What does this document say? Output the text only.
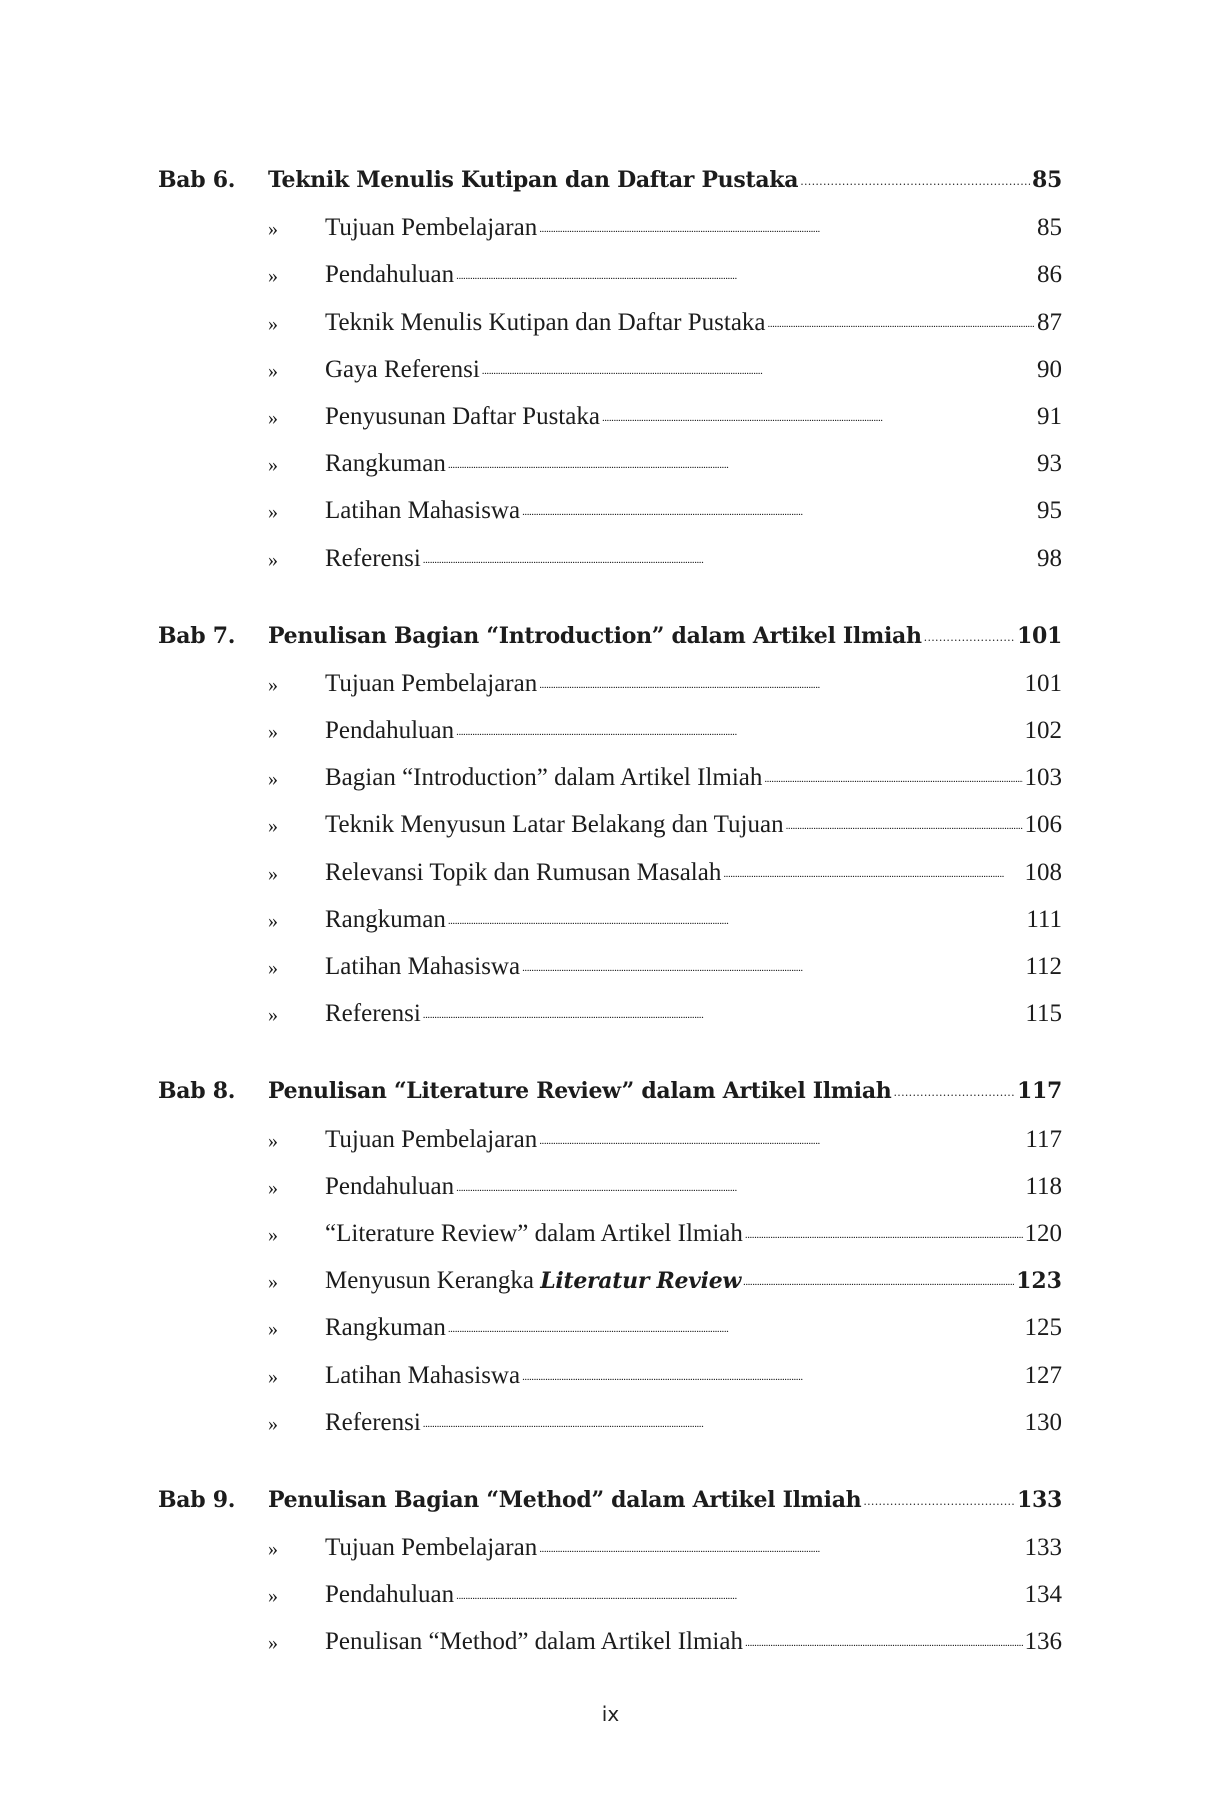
Bab 6.	Teknik Menulis Kutipan dan Daftar Pustaka . . .	85
»	Tujuan Pembelajaran . . .	85
»	Pendahuluan . . .	86
»	Teknik Menulis Kutipan dan Daftar Pustaka . . .	87
»	Gaya Referensi . . .	90
»	Penyusunan Daftar Pustaka . . .	91
»	Rangkuman . . .	93
»	Latihan Mahasiswa . . .	95
»	Referensi . . .	98
Bab 7.	Penulisan Bagian “Introduction” dalam Artikel Ilmiah . . .	101
»	Tujuan Pembelajaran . . .	101
»	Pendahuluan . . .	102
»	Bagian “Introduction” dalam Artikel Ilmiah . . .	103
»	Teknik Menyusun Latar Belakang dan Tujuan . . .	106
»	Relevansi Topik dan Rumusan Masalah . . .	108
»	Rangkuman . . .	111
»	Latihan Mahasiswa . . .	112
»	Referensi . . .	115
Bab 8.	Penulisan “Literature Review” dalam Artikel Ilmiah . . .	117
»	Tujuan Pembelajaran . . .	117
»	Pendahuluan . . .	118
»	“Literature Review” dalam Artikel Ilmiah . . .	120
»	Menyusun Kerangka Literatur Review . . .	123
»	Rangkuman . . .	125
»	Latihan Mahasiswa . . .	127
»	Referensi . . .	130
Bab 9.	Penulisan Bagian “Method” dalam Artikel Ilmiah . . .	133
»	Tujuan Pembelajaran . . .	133
»	Pendahuluan . . .	134
»	Penulisan “Method” dalam Artikel Ilmiah . . .	136
ix
